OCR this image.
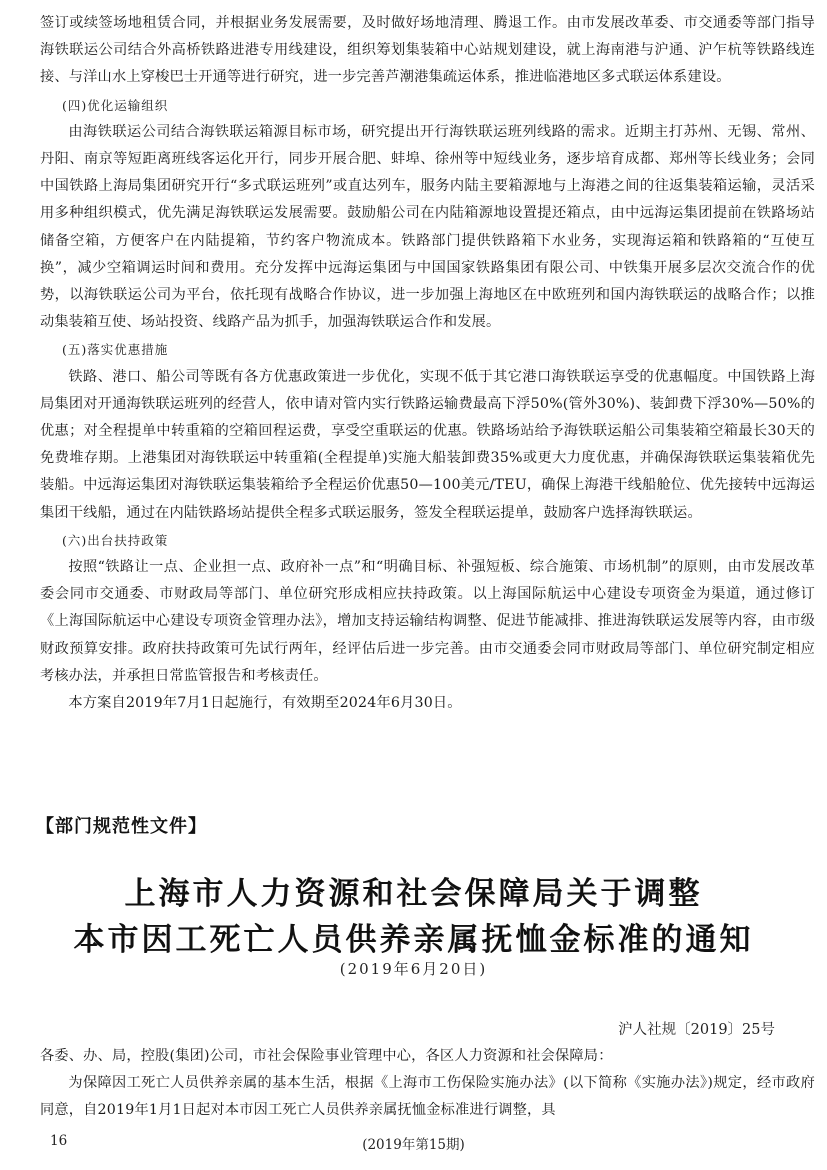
签订或续签场地租赁合同，并根据业务发展需要，及时做好场地清理、腾退工作。由市发展改革委、市交通委等部门指导海铁联运公司结合外高桥铁路进港专用线建设，组织筹划集装箱中心站规划建设，就上海南港与沪通、沪乍杭等铁路线连接、与洋山水上穿梭巴士开通等进行研究，进一步完善芦潮港集疏运体系，推进临港地区多式联运体系建设。

(四)优化运输组织

由海铁联运公司结合海铁联运箱源目标市场，研究提出开行海铁联运班列线路的需求。近期主打苏州、无锡、常州、丹阳、南京等短距离班线客运化开行，同步开展合肥、蚌埠、徐州等中短线业务，逐步培育成都、郑州等长线业务；会同中国铁路上海局集团研究开行“多式联运班列”或直达列车，服务内陆主要箱源地与上海港之间的往返集装箱运输，灵活采用多种组织模式，优先满足海铁联运发展需要。鼓励船公司在内陆箱源地设置提还箱点，由中远海运集团提前在铁路场站储备空箱，方便客户在内陆提箱，节约客户物流成本。铁路部门提供铁路箱下水业务，实现海运箱和铁路箱的“互使互换”，减少空箱调运时间和费用。充分发挥中远海运集团与中国国家铁路集团有限公司、中铁集开展多层次交流合作的优势，以海铁联运公司为平台，依托现有战略合作协议，进一步加强上海地区在中欧班列和国内海铁联运的战略合作；以推动集装箱互使、场站投资、线路产品为抓手，加强海铁联运合作和发展。

(五)落实优惠措施

铁路、港口、船公司等既有各方优惠政策进一步优化，实现不低于其它港口海铁联运享受的优惠幅度。中国铁路上海局集团对开通海铁联运班列的经营人，依申请对管内实行铁路运输费最高下浮50%(管外30%)、装卸费下浮30%—50%的优惠；对全程提单中转重箱的空箱回程运费，享受空重联运的优惠。铁路场站给予海铁联运船公司集装箱空箱最长30天的免费堆存期。上港集团对海铁联运中转重箱(全程提单)实施大船装卸费35%或更大力度优惠，并确保海铁联运集装箱优先装船。中远海运集团对海铁联运集装箱给予全程运价优惠50—100美元/TEU，确保上海港干线船舱位、优先接转中远海运集团干线船，通过在内陆铁路场站提供全程多式联运服务，签发全程联运提单，鼓励客户选择海铁联运。

(六)出台扶持政策

按照“铁路让一点、企业担一点、政府补一点”和“明确目标、补强短板、综合施策、市场机制”的原则，由市发展改革委会同市交通委、市财政局等部门、单位研究形成相应扶持政策。以上海国际航运中心建设专项资金为渠道，通过修订《上海国际航运中心建设专项资金管理办法》，增加支持运输结构调整、促进节能减排、推进海铁联运发展等内容，由市级财政预算安排。政府扶持政策可先试行两年，经评估后进一步完善。由市交通委会同市财政局等部门、单位研究制定相应考核办法，并承担日常监管报告和考核责任。

本方案自2019年7月1日起施行，有效期至2024年6月30日。

【部门规范性文件】
上海市人力资源和社会保障局关于调整
本市因工死亡人员供养亲属抚恤金标准的通知
(2019年6月20日)
沪人社规〔2019〕25号

各委、办、局，控股(集团)公司，市社会保险事业管理中心，各区人力资源和社会保障局：

为保障因工死亡人员供养亲属的基本生活，根据《上海市工伤保险实施办法》(以下简称《实施办法》)规定，经市政府同意，自2019年1月1日起对本市因工死亡人员供养亲属抚恤金标准进行调整，具

16	(2019年第15期)
